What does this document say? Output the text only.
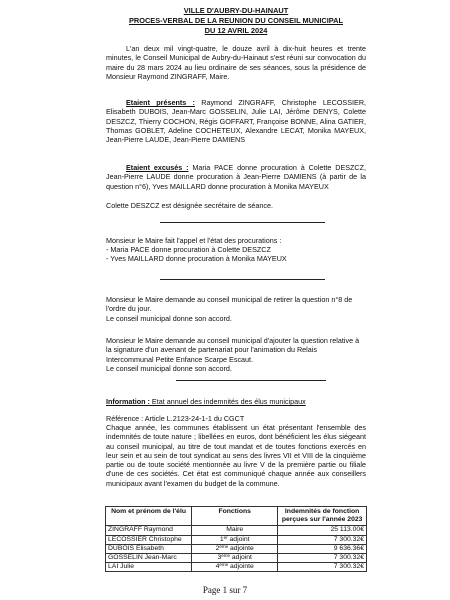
VILLE D'AUBRY-DU-HAINAUT
PROCES-VERBAL DE LA REUNION DU CONSEIL MUNICIPAL
DU 12 AVRIL 2024

L'an deux mil vingt-quatre, le douze avril à dix-huit heures et trente minutes, le Conseil Municipal de Aubry-du-Hainaut s'est réuni sur convocation du maire du 28 mars 2024 au lieu ordinaire de ses séances, sous la présidence de Monsieur Raymond ZINGRAFF, Maire.

Etaient présents : Raymond ZINGRAFF, Christophe LECOSSIER, Elisabeth DUBOIS, Jean-Marc GOSSELIN, Julie LAI, Jérôme DENYS, Colette DESZCZ, Thierry COCHON, Régis GOFFART, Françoise BONNE, Alina GATIER, Thomas GOBLET, Adeline COCHETEUX, Alexandre LECAT, Monika MAYEUX, Jean-Pierre LAUDE, Jean-Pierre DAMIENS

Etaient excusés : Maria PACE donne procuration à Colette DESZCZ, Jean-Pierre LAUDE donne procuration à Jean-Pierre DAMIENS (à partir de la question n°6), Yves MAILLARD donne procuration à Monika MAYEUX

Colette DESZCZ est désignée secrétaire de séance.

Monsieur le Maire fait l'appel et l'état des procurations :

- Maria PACE donne procuration à Colette DESZCZ

- Yves MAILLARD donne procuration à Monika MAYEUX

Monsieur le Maire demande au conseil municipal de retirer la question n°8 de l'ordre du jour.

Le conseil municipal donne son accord.

Monsieur le Maire demande au conseil municipal d'ajouter la question relative à la signature d'un avenant de partenariat pour l'animation du Relais Intercommunal Petite Enfance Scarpe Escaut.

Le conseil municipal donne son accord.

Information : Etat annuel des indemnités des élus municipaux

Référence : Article L.2123-24-1-1 du CGCT

Chaque année, les communes établissent un état présentant l'ensemble des indemnités de toute nature ; libellées en euros, dont bénéficient les élus siégeant au conseil municipal, au titre de tout mandat et de toutes fonctions exercés en leur sein et au sein de tout syndicat au sens des livres VII et VIII de la cinquième partie ou de toute société mentionnée au livre V de la première partie ou filiale d'une de ces sociétés. Cet état est communiqué chaque année aux conseillers municipaux avant l'examen du budget de la commune.

Nom et prénom de l'élu	Fonctions	Indemnités de fonction perçues sur l'année 2023
ZINGRAFF Raymond	Maire	25 113.00€
LECOSSIER Christophe	1er adjoint	7 300.32€
DUBOIS Elisabeth	2ème adjointe	9 636.36€
GOSSELIN Jean-Marc	3ème adjoint	7 300.32€
LAI Julie	4ème adjointe	7 300.32€
Page 1 sur 7
